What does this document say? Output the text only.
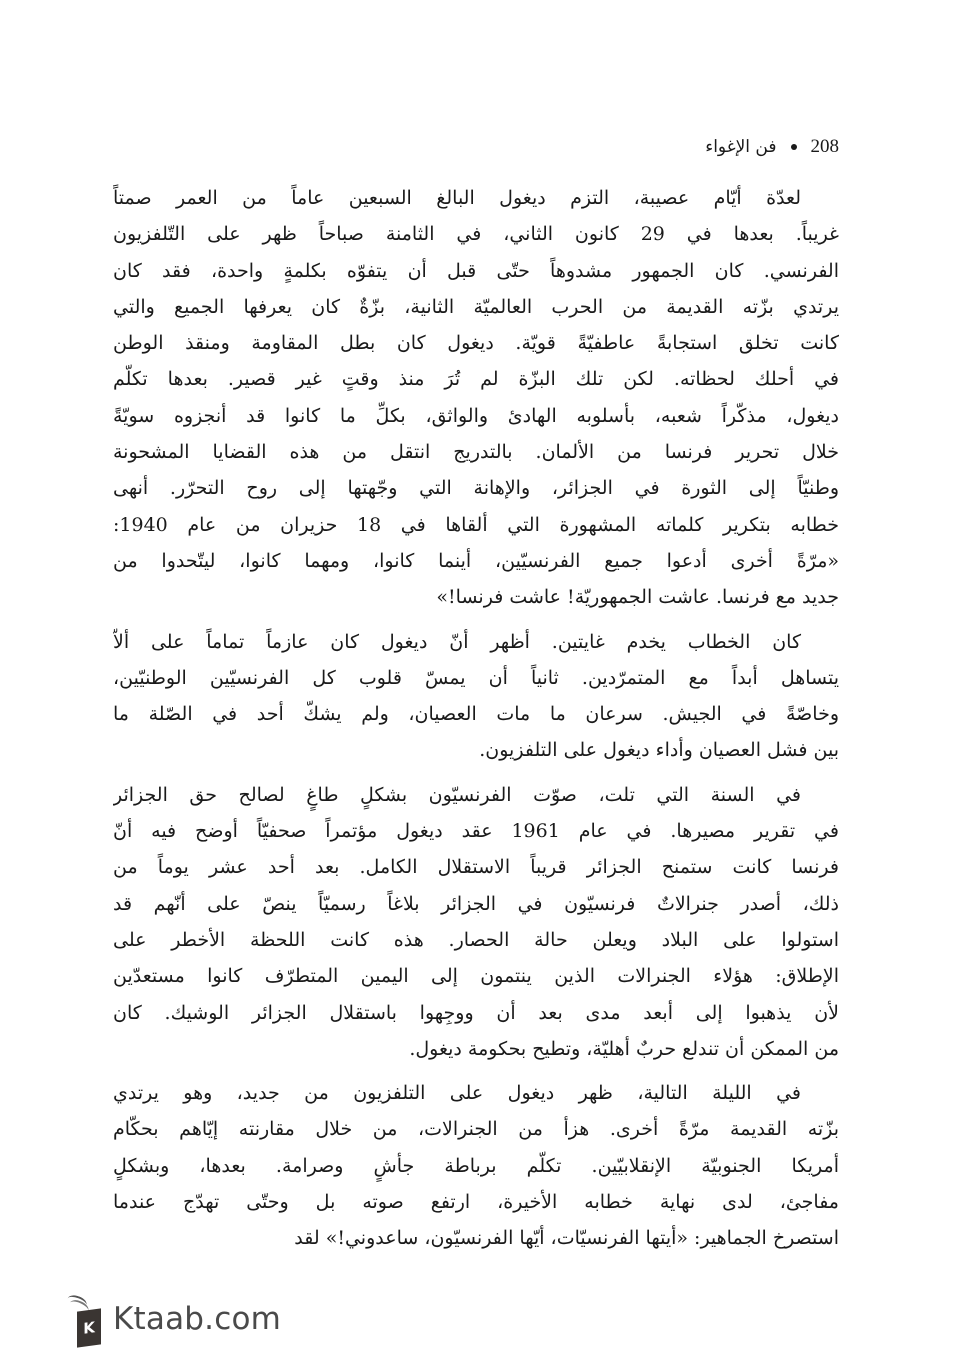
208
فن الإغواء
لعدّة أيّام عصيبة، التزم ديغول البالغ السبعين عاماً من العمر صمتاً
غريباً. بعدها في 29 كانون الثاني، في الثامنة صباحاً ظهر على التّلفزيون
الفرنسي. كان الجمهور مشدوهاً حتّى قبل أن يتفوّه بكلمةٍ واحدة، فقد كان
يرتدي بزّته القديمة من الحرب العالميّة الثانية، بزّةٌ كان يعرفها الجميع والتي
كانت تخلق استجابةً عاطفيّةً قويّة. ديغول كان بطل المقاومة ومنقذ الوطن
في أحلك لحظاته. لكن تلك البزّة لم تُرَ منذ وقتٍ غير قصير. بعدها تكلّم
ديغول، مذكّراً شعبه، بأسلوبه الهادئ والواثق، بكلِّ ما كانوا قد أنجزوه سويّةً
خلال تحرير فرنسا من الألمان. بالتدريج انتقل من هذه القضايا المشحونة
وطنيّاً إلى الثورة في الجزائر، والإهانة التي وجّهتها إلى روح التحرّر. أنهى
خطابه بتكرير كلماته المشهورة التي ألقاها في 18 حزيران من عام 1940:
«مرّةً أخرى أدعوا جميع الفرنسيّين، أينما كانوا، ومهما كانوا، ليتّحدوا من
جديد مع فرنسا. عاشت الجمهوريّة! عاشت فرنسا!»
كان الخطاب يخدم غايتين. أظهر أنّ ديغول كان عازماً تماماً على ألاّ
يتساهل أبداً مع المتمرّدين. ثانياً أن يمسّ قلوب كل الفرنسيّين الوطنيّين،
وخاصّةً في الجيش. سرعان ما مات العصيان، ولم يشكّ أحد في الصّلة ما
بين فشل العصيان وأداء ديغول على التلفزيون.
في السنة التي تلت، صوّت الفرنسيّون بشكلٍ طاغٍ لصالح حق الجزائر
في تقرير مصيرها. في عام 1961 عقد ديغول مؤتمراً صحفيّاً أوضح فيه أنّ
فرنسا كانت ستمنح الجزائر قريباً الاستقلال الكامل. بعد أحد عشر يوماً من
ذلك، أصدر جنرالاتٌ فرنسيّون في الجزائر بلاغاً رسميّاً ينصّ على أنّهم قد
استولوا على البلاد ويعلن حالة الحصار. هذه كانت اللحظة الأخطر على
الإطلاق: هؤلاء الجنرالات الذين ينتمون إلى اليمين المتطرّف كانوا مستعدّين
لأن يذهبوا إلى أبعد مدى بعد أن ووجِهوا باستقلال الجزائر الوشيك. كان
من الممكن أن تندلع حربٌ أهليّة، وتطيح بحكومة ديغول.
في الليلة التالية، ظهر ديغول على التلفزيون من جديد، وهو يرتدي
بزّته القديمة مرّةً أخرى. هزأ من الجنرالات، من خلال مقارنته إيّاهم بحكّام
أمريكا الجنوبيّة الإنقلابيّين. تكلّم برباطة جأشٍ وصرامة. بعدها، وبشكلٍ
مفاجئ، لدى نهاية خطابه الأخيرة، ارتفع صوته بل وحتّى تهدّج عندما
استصرخ الجماهير: «أيتها الفرنسيّات، أيّها الفرنسيّون، ساعدوني!» لقد
K Ktaab.com
